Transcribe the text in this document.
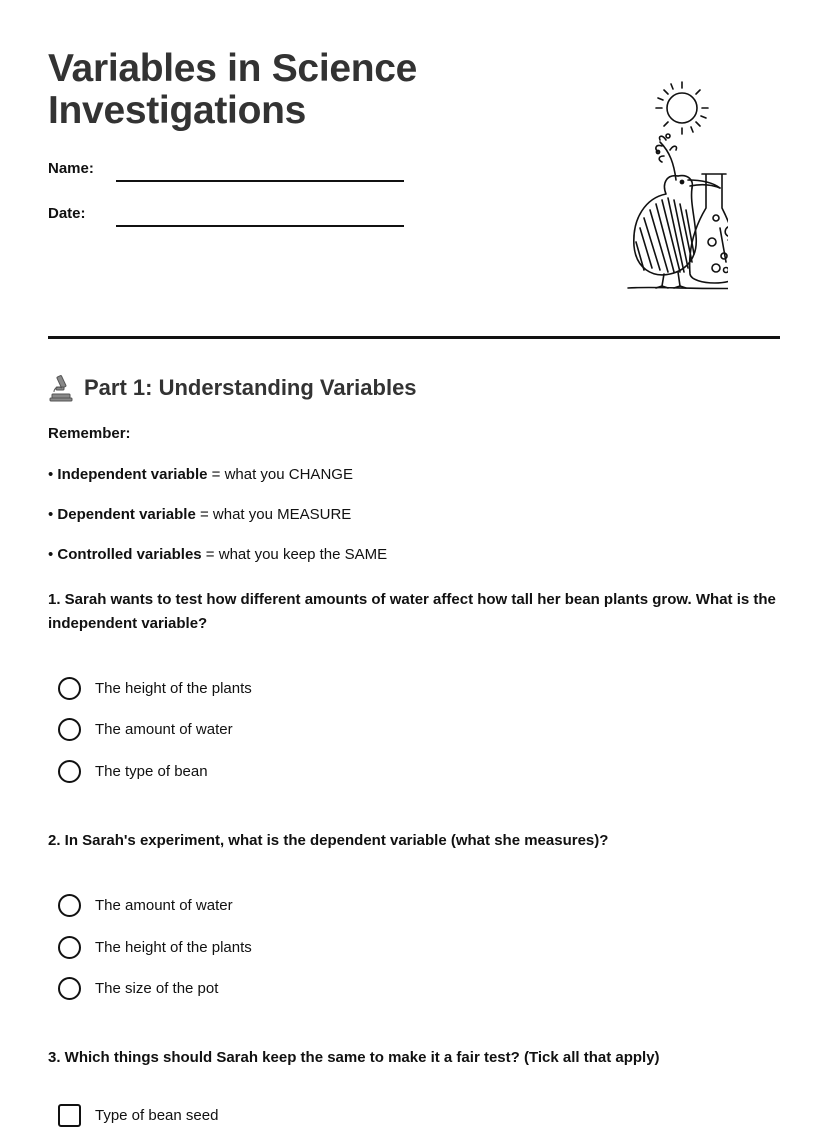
Variables in Science Investigations
Name:
Date:
Part 1: Understanding Variables
Remember:
• Independent variable = what you CHANGE
• Dependent variable = what you MEASURE
• Controlled variables = what you keep the SAME
1. Sarah wants to test how different amounts of water affect how tall her bean plants grow. What is the independent variable?
The height of the plants
The amount of water
The type of bean
2. In Sarah's experiment, what is the dependent variable (what she measures)?
The amount of water
The height of the plants
The size of the pot
3. Which things should Sarah keep the same to make it a fair test? (Tick all that apply)
Type of bean seed
